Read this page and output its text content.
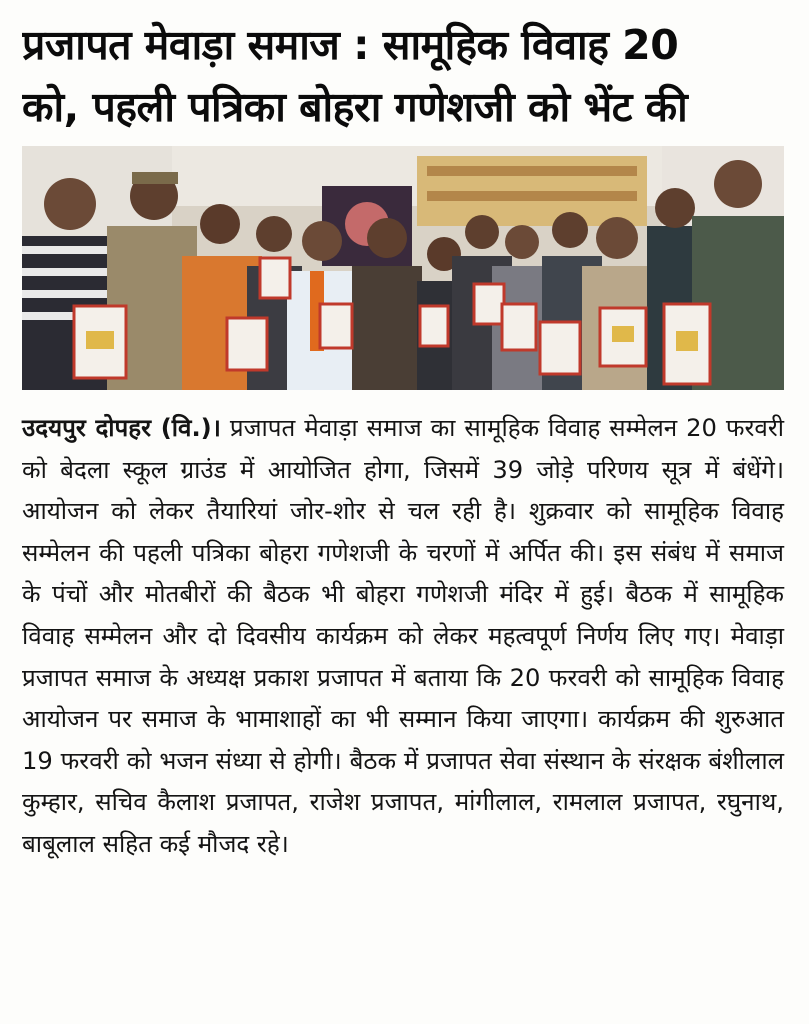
प्रजापत मेवाड़ा समाज : सामूहिक विवाह 20
को, पहली पत्रिका बोहरा गणेशजी को भेंट की

उदयपुर दोपहर (वि.)। प्रजापत मेवाड़ा समाज का सामूहिक विवाह सम्मेलन 20 फरवरी को बेदला स्कूल ग्राउंड में आयोजित होगा, जिसमें 39 जोड़े परिणय सूत्र में बंधेंगे। आयोजन को लेकर तैयारियां जोर-शोर से चल रही है। शुक्रवार को सामूहिक विवाह सम्मेलन की पहली पत्रिका बोहरा गणेशजी के चरणों में अर्पित की। इस संबंध में समाज के पंचों और मोतबीरों की बैठक भी बोहरा गणेशजी मंदिर में हुई। बैठक में सामूहिक विवाह सम्मेलन और दो दिवसीय कार्यक्रम को लेकर महत्वपूर्ण निर्णय लिए गए। मेवाड़ा प्रजापत समाज के अध्यक्ष प्रकाश प्रजापत में बताया कि 20 फरवरी को सामूहिक विवाह आयोजन पर समाज के भामाशाहों का भी सम्मान किया जाएगा। कार्यक्रम की शुरुआत 19 फरवरी को भजन संध्या से होगी। बैठक में प्रजापत सेवा संस्थान के संरक्षक बंशीलाल कुम्हार, सचिव कैलाश प्रजापत, राजेश प्रजापत, मांगीलाल, रामलाल प्रजापत, रघुनाथ, बाबूलाल सहित कई मौजद रहे।
